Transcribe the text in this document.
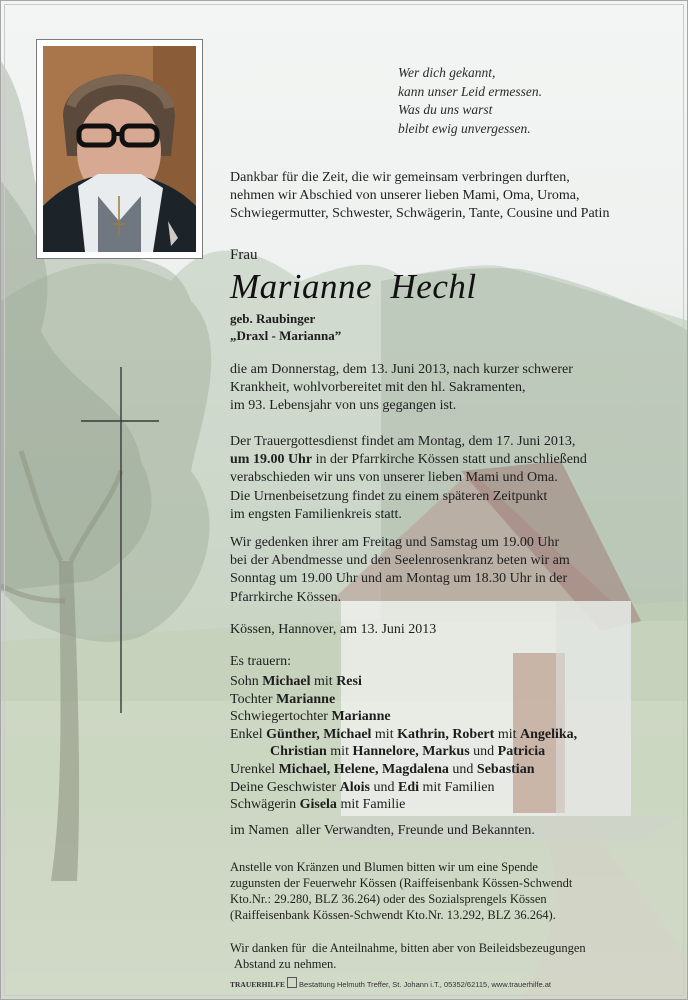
Wer dich gekannt,
kann unser Leid ermessen.
Was du uns warst
bleibt ewig unvergessen.
Dankbar für die Zeit, die wir gemeinsam verbringen durften,
nehmen wir Abschied von unserer lieben Mami, Oma, Uroma,
Schwiegermutter, Schwester, Schwägerin, Tante, Cousine und Patin
Frau
Marianne  Hechl
geb. Raubinger
„Draxl - Marianna”
die am Donnerstag, dem 13. Juni 2013, nach kurzer schwerer
Krankheit, wohlvorbereitet mit den hl. Sakramenten,
im 93. Lebensjahr von uns gegangen ist.
Der Trauergottesdienst findet am Montag, dem 17. Juni 2013,
um 19.00 Uhr in der Pfarrkirche Kössen statt und anschließend
verabschieden wir uns von unserer lieben Mami und Oma.
Die Urnenbeisetzung findet zu einem späteren Zeitpunkt
im engsten Familienkreis statt.
Wir gedenken ihrer am Freitag und Samstag um 19.00 Uhr
bei der Abendmesse und den Seelenrosenkranz beten wir am
Sonntag um 19.00 Uhr und am Montag um 18.30 Uhr in der
Pfarrkirche Kössen.
Kössen, Hannover, am 13. Juni 2013
Es trauern:
Sohn Michael mit Resi
Tochter Marianne
Schwiegertochter Marianne
Enkel Günther, Michael mit Kathrin, Robert mit Angelika,
Christian mit Hannelore, Markus und Patricia
Urenkel Michael, Helene, Magdalena und Sebastian
Deine Geschwister Alois und Edi mit Familien
Schwägerin Gisela mit Familie
im Namen  aller Verwandten, Freunde und Bekannten.
Anstelle von Kränzen und Blumen bitten wir um eine Spende
zugunsten der Feuerwehr Kössen (Raiffeisenbank Kössen-Schwendt
Kto.Nr.: 29.280, BLZ 36.264) oder des Sozialsprengels Kössen
(Raiffeisenbank Kössen-Schwendt Kto.Nr. 13.292, BLZ 36.264).
Wir danken für  die Anteilnahme, bitten aber von Beileidsbezeugungen
Abstand zu nehmen.
TRAUERHILFE Bestattung Helmuth Treffer, St. Johann i.T., 05352/62115, www.trauerhilfe.at
